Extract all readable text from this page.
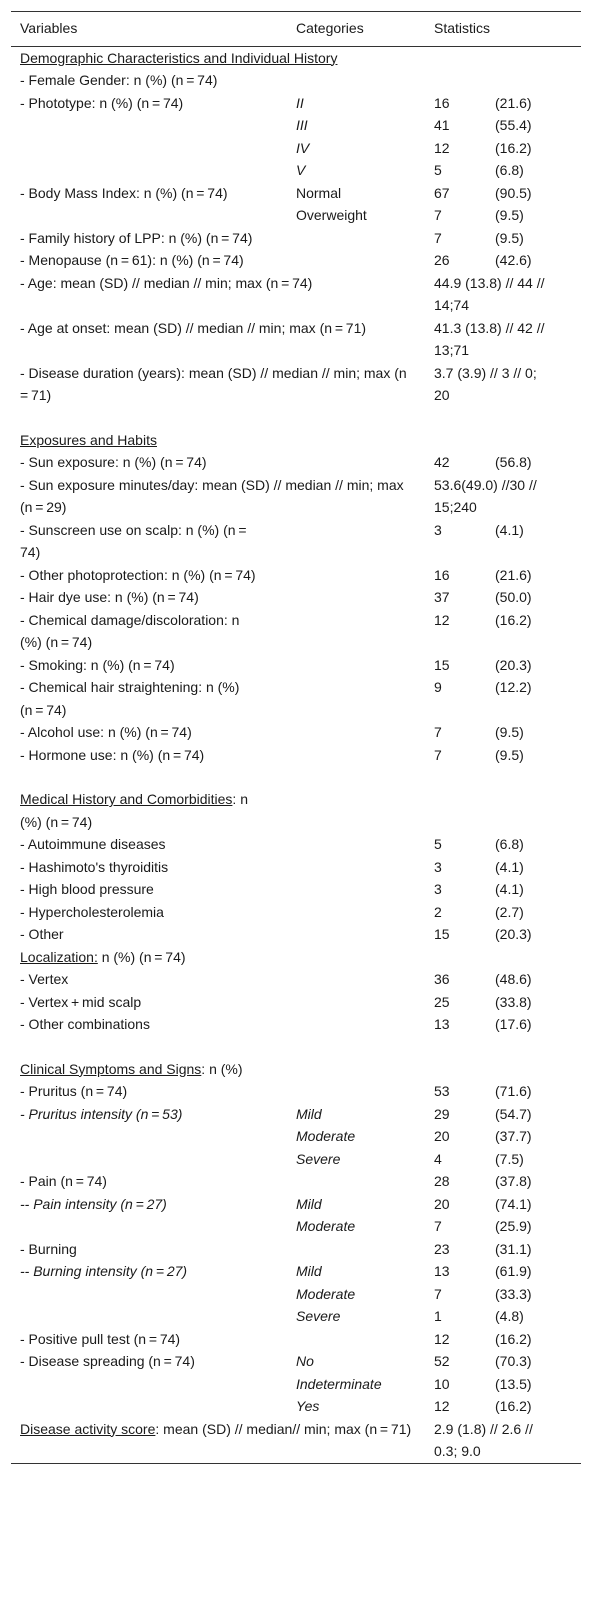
Variables	Categories	Statistics	
Demographic Characteristics and Individual History			
- Female Gender: n (%) (n = 74)			
- Phototype: n (%) (n = 74)	II	16	(21.6)
	III	41	(55.4)
	IV	12	(16.2)
	V	5	(6.8)
- Body Mass Index: n (%) (n = 74)	Normal	67	(90.5)
	Overweight	7	(9.5)
- Family history of LPP: n (%) (n = 74)		7	(9.5)
- Menopause (n = 61): n (%) (n = 74)		26	(42.6)
- Age: mean (SD) // median // min; max (n = 74)		44.9 (13.8) // 44 // 14;74	
- Age at onset: mean (SD) // median // min; max (n = 71)		41.3 (13.8) // 42 // 13;71	
- Disease duration (years): mean (SD) // median // min; max (n = 71)		3.7 (3.9) // 3 // 0; 20	

Exposures and Habits			
- Sun exposure: n (%) (n = 74)		42	(56.8)
- Sun exposure minutes/day: mean (SD) // median // min; max (n = 29)		53.6(49.0) //30 // 15;240	
- Sunscreen use on scalp: n (%) (n = 74)		3	(4.1)
- Other photoprotection: n (%) (n = 74)		16	(21.6)
- Hair dye use: n (%) (n = 74)		37	(50.0)
- Chemical damage/discoloration: n (%) (n = 74)		12	(16.2)
- Smoking: n (%) (n = 74)		15	(20.3)
- Chemical hair straightening: n (%) (n = 74)		9	(12.2)
- Alcohol use: n (%) (n = 74)		7	(9.5)
- Hormone use: n (%) (n = 74)		7	(9.5)

Medical History and Comorbidities: n (%) (n = 74)			
- Autoimmune diseases		5	(6.8)
- Hashimoto's thyroiditis		3	(4.1)
- High blood pressure		3	(4.1)
- Hypercholesterolemia		2	(2.7)
- Other		15	(20.3)
Localization: n (%) (n = 74)			
- Vertex		36	(48.6)
- Vertex + mid scalp		25	(33.8)
- Other combinations		13	(17.6)

Clinical Symptoms and Signs: n (%)			
- Pruritus (n = 74)		53	(71.6)
- Pruritus intensity (n = 53)	Mild	29	(54.7)
	Moderate	20	(37.7)
	Severe	4	(7.5)
- Pain (n = 74)		28	(37.8)
-- Pain intensity (n = 27)	Mild	20	(74.1)
	Moderate	7	(25.9)
- Burning		23	(31.1)
-- Burning intensity (n = 27)	Mild	13	(61.9)
	Moderate	7	(33.3)
	Severe	1	(4.8)
- Positive pull test (n = 74)		12	(16.2)
- Disease spreading (n = 74)	No	52	(70.3)
	Indeterminate	10	(13.5)
	Yes	12	(16.2)
Disease activity score: mean (SD) // median// min; max (n = 71)		2.9 (1.8) // 2.6 // 0.3; 9.0	
